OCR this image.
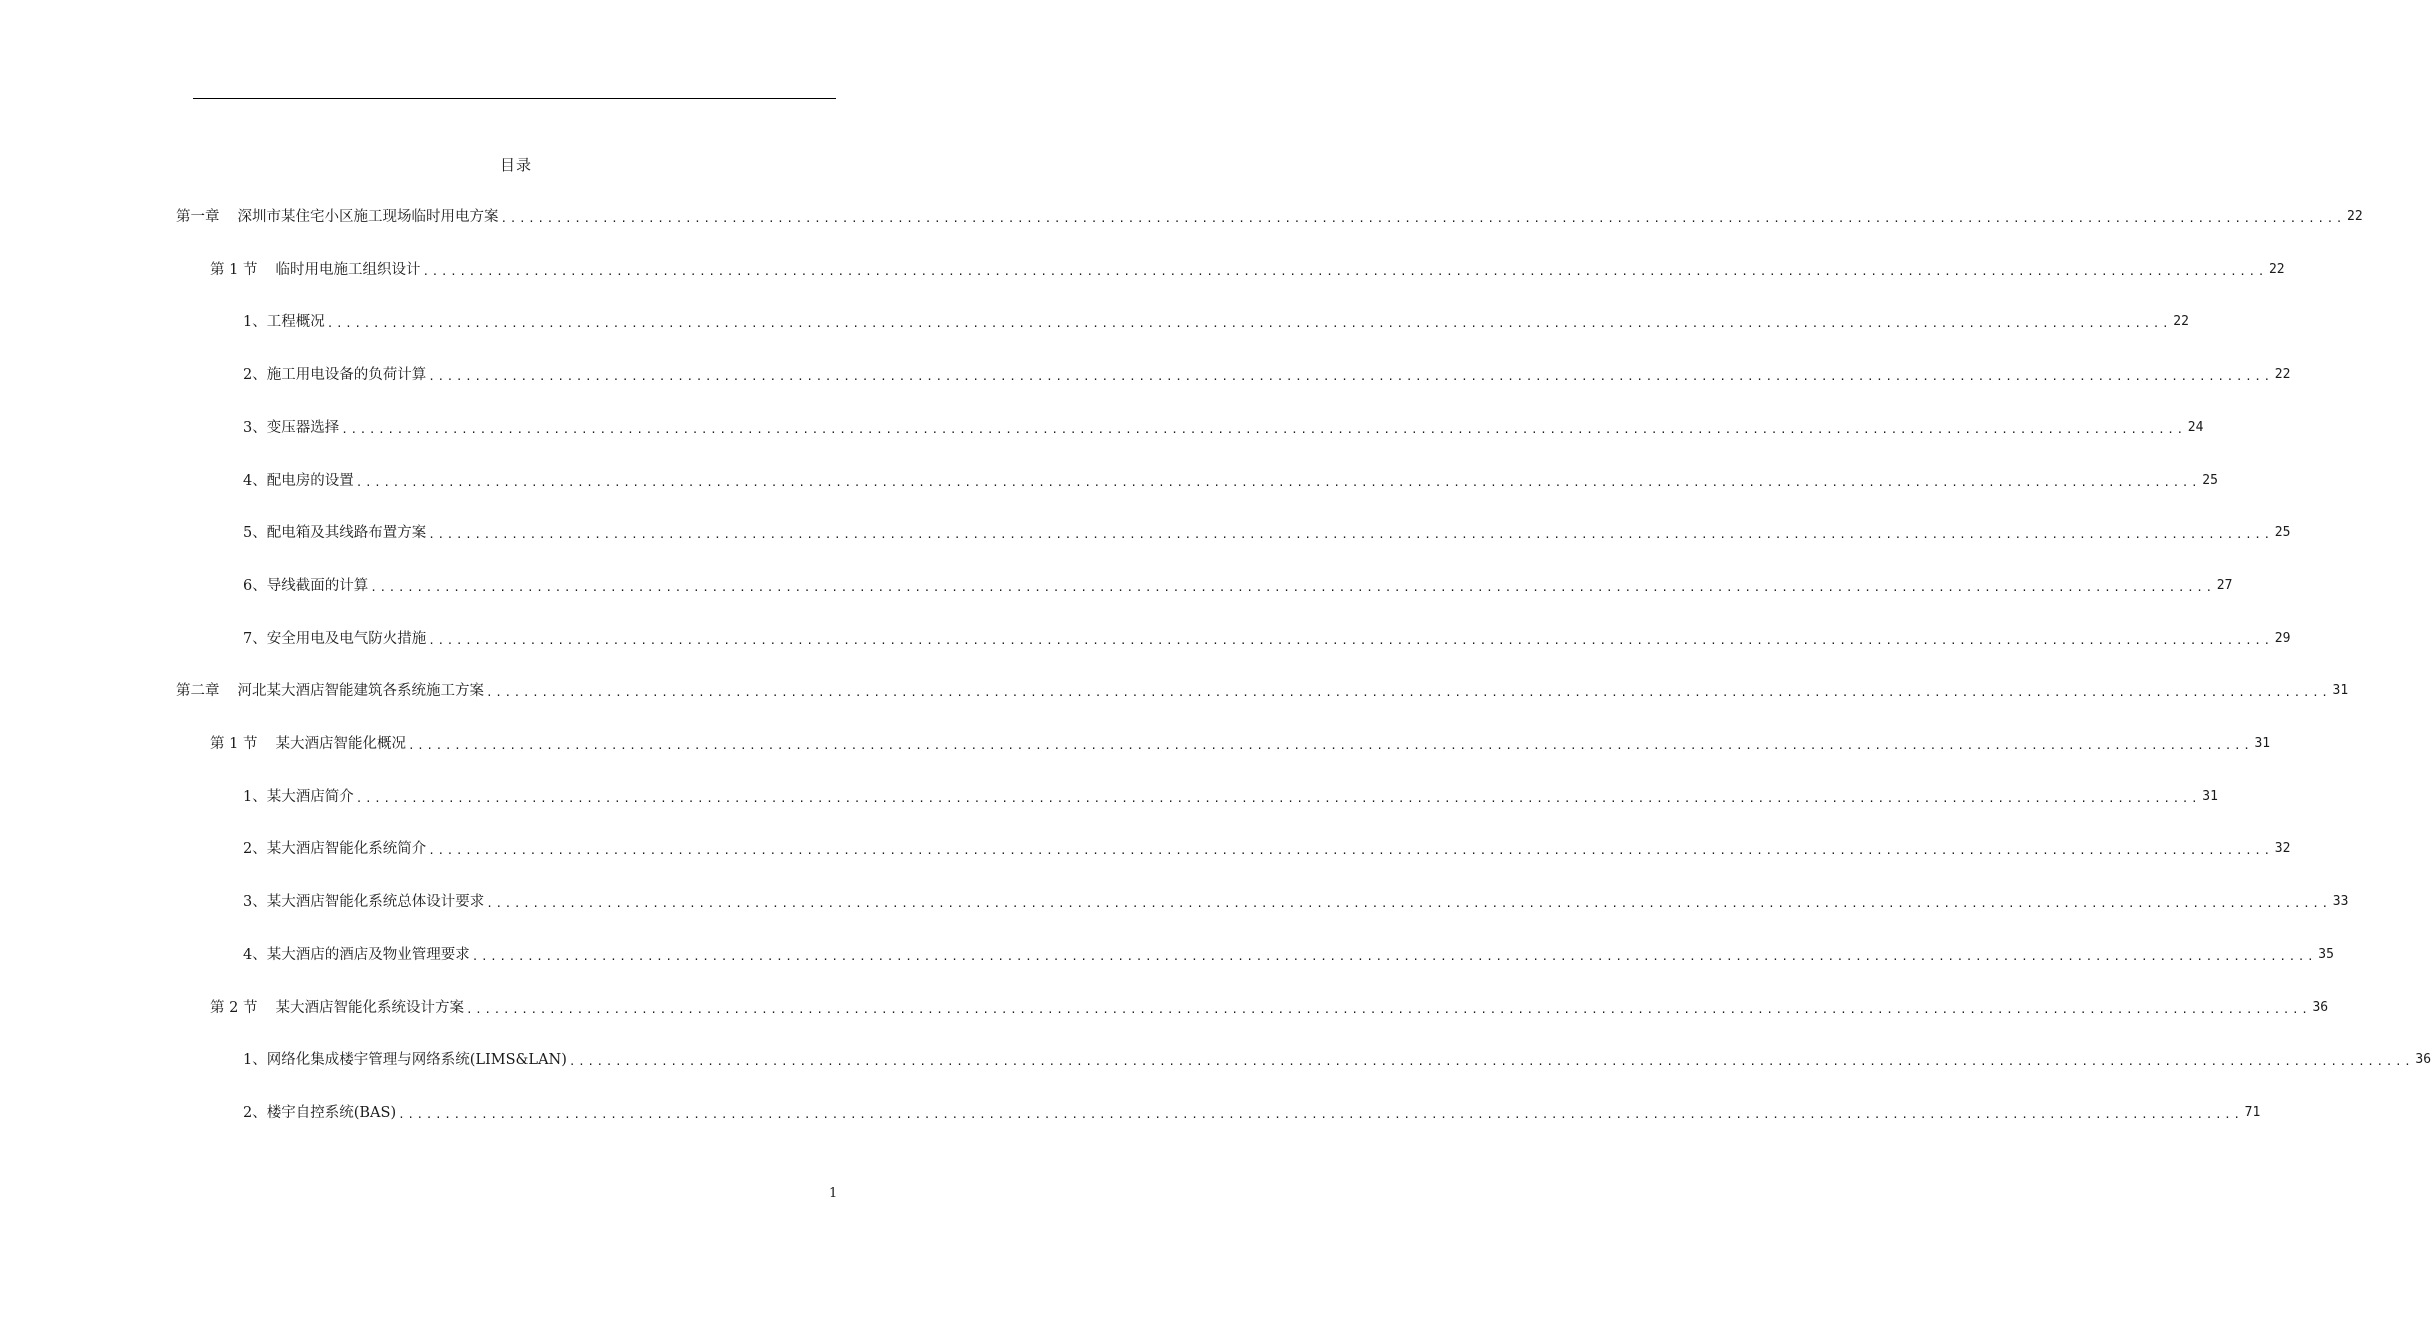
目录
第一章 深圳市某住宅小区施工现场临时用电方案 ........................................................................................................................................................................................................ 22
第 1 节 临时用电施工组织设计 ........................................................................................................................................................................................................ 22
1、 工程概况 ........................................................................................................................................................................................................ 22
2、 施工用电设备的负荷计算 ........................................................................................................................................................................................................ 22
3、 变压器选择 ........................................................................................................................................................................................................ 24
4、 配电房的设置 ........................................................................................................................................................................................................ 25
5、 配电箱及其线路布置方案 ........................................................................................................................................................................................................ 25
6、 导线截面的计算 ........................................................................................................................................................................................................ 27
7、 安全用电及电气防火措施 ........................................................................................................................................................................................................ 29
第二章 河北某大酒店智能建筑各系统施工方案 ........................................................................................................................................................................................................ 31
第 1 节 某大酒店智能化概况 ........................................................................................................................................................................................................ 31
1、 某大酒店简介 ........................................................................................................................................................................................................ 31
2、 某大酒店智能化系统简介 ........................................................................................................................................................................................................ 32
3、 某大酒店智能化系统总体设计要求 ........................................................................................................................................................................................................ 33
4、 某大酒店的酒店及物业管理要求 ........................................................................................................................................................................................................ 35
第 2 节 某大酒店智能化系统设计方案 ........................................................................................................................................................................................................ 36
1、 网络化集成楼宇管理与网络系统(LIMS&LAN) ........................................................................................................................................................................................................ 36
2、 楼宇自控系统(BAS) ........................................................................................................................................................................................................ 71
1
